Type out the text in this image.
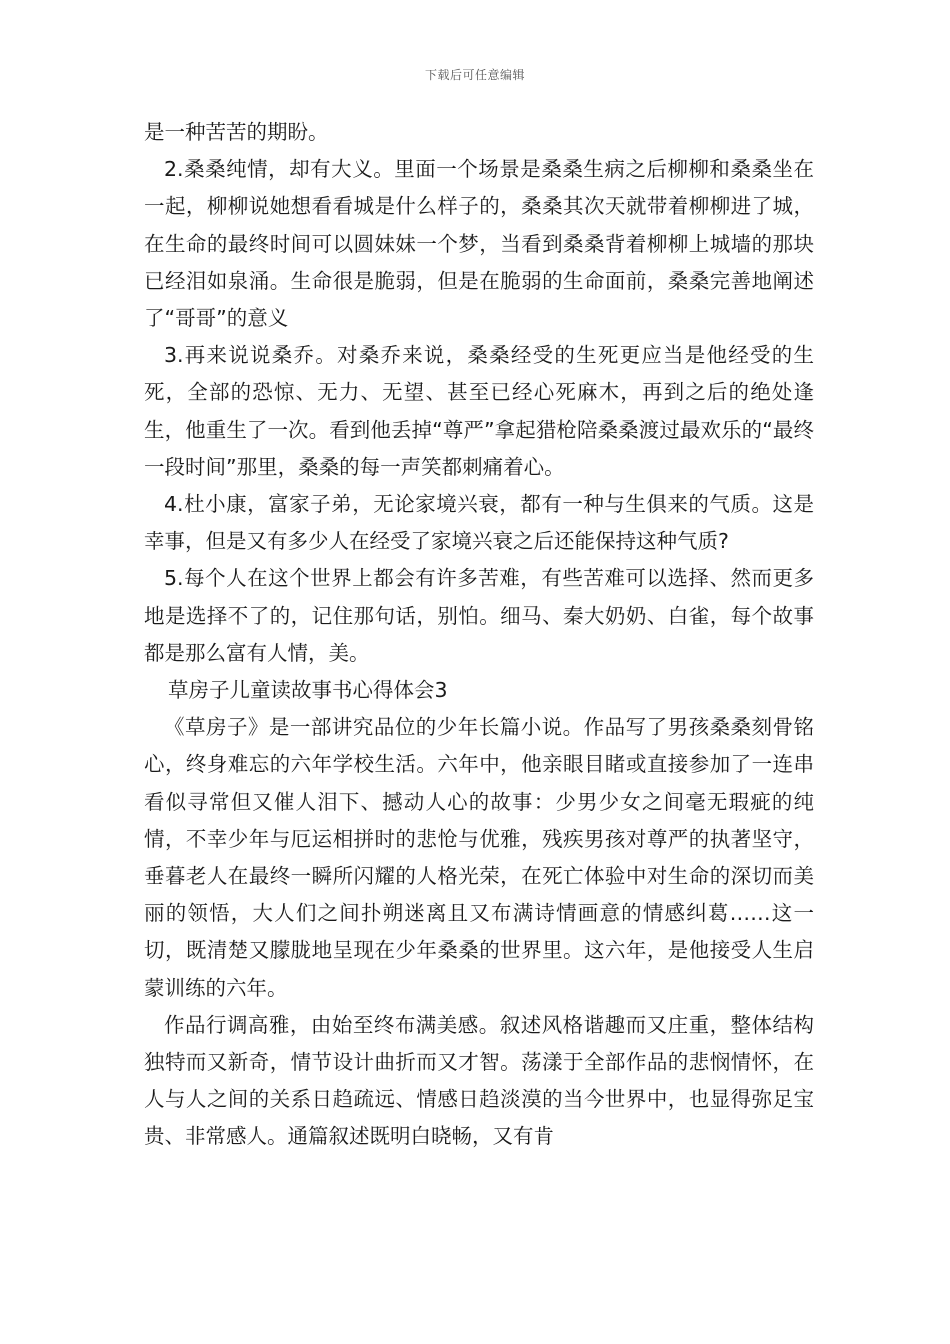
下载后可任意编辑

是一种苦苦的期盼。

2.桑桑纯情，却有大义。里面一个场景是桑桑生病之后柳柳和桑桑坐在一起，柳柳说她想看看城是什么样子的，桑桑其次天就带着柳柳进了城，在生命的最终时间可以圆妹妹一个梦，当看到桑桑背着柳柳上城墙的那块已经泪如泉涌。生命很是脆弱，但是在脆弱的生命面前，桑桑完善地阐述了“哥哥”的意义

3.再来说说桑乔。对桑乔来说，桑桑经受的生死更应当是他经受的生死，全部的恐惊、无力、无望、甚至已经心死麻木，再到之后的绝处逢生，他重生了一次。看到他丢掉“尊严”拿起猎枪陪桑桑渡过最欢乐的“最终一段时间”那里，桑桑的每一声笑都刺痛着心。

4.杜小康，富家子弟，无论家境兴衰，都有一种与生俱来的气质。这是幸事，但是又有多少人在经受了家境兴衰之后还能保持这种气质?

5.每个人在这个世界上都会有许多苦难，有些苦难可以选择、然而更多地是选择不了的，记住那句话，别怕。细马、秦大奶奶、白雀，每个故事都是那么富有人情，美。

草房子儿童读故事书心得体会3

《草房子》是一部讲究品位的少年长篇小说。作品写了男孩桑桑刻骨铭心，终身难忘的六年学校生活。六年中，他亲眼目睹或直接参加了一连串看似寻常但又催人泪下、撼动人心的故事：少男少女之间毫无瑕疵的纯情，不幸少年与厄运相拼时的悲怆与优雅，残疾男孩对尊严的执著坚守，垂暮老人在最终一瞬所闪耀的人格光荣，在死亡体验中对生命的深切而美丽的领悟，大人们之间扑朔迷离且又布满诗情画意的情感纠葛……这一切，既清楚又朦胧地呈现在少年桑桑的世界里。这六年，是他接受人生启蒙训练的六年。

作品行调高雅，由始至终布满美感。叙述风格谐趣而又庄重，整体结构独特而又新奇，情节设计曲折而又才智。荡漾于全部作品的悲悯情怀，在人与人之间的关系日趋疏远、情感日趋淡漠的当今世界中，也显得弥足宝贵、非常感人。通篇叙述既明白晓畅，又有肯
